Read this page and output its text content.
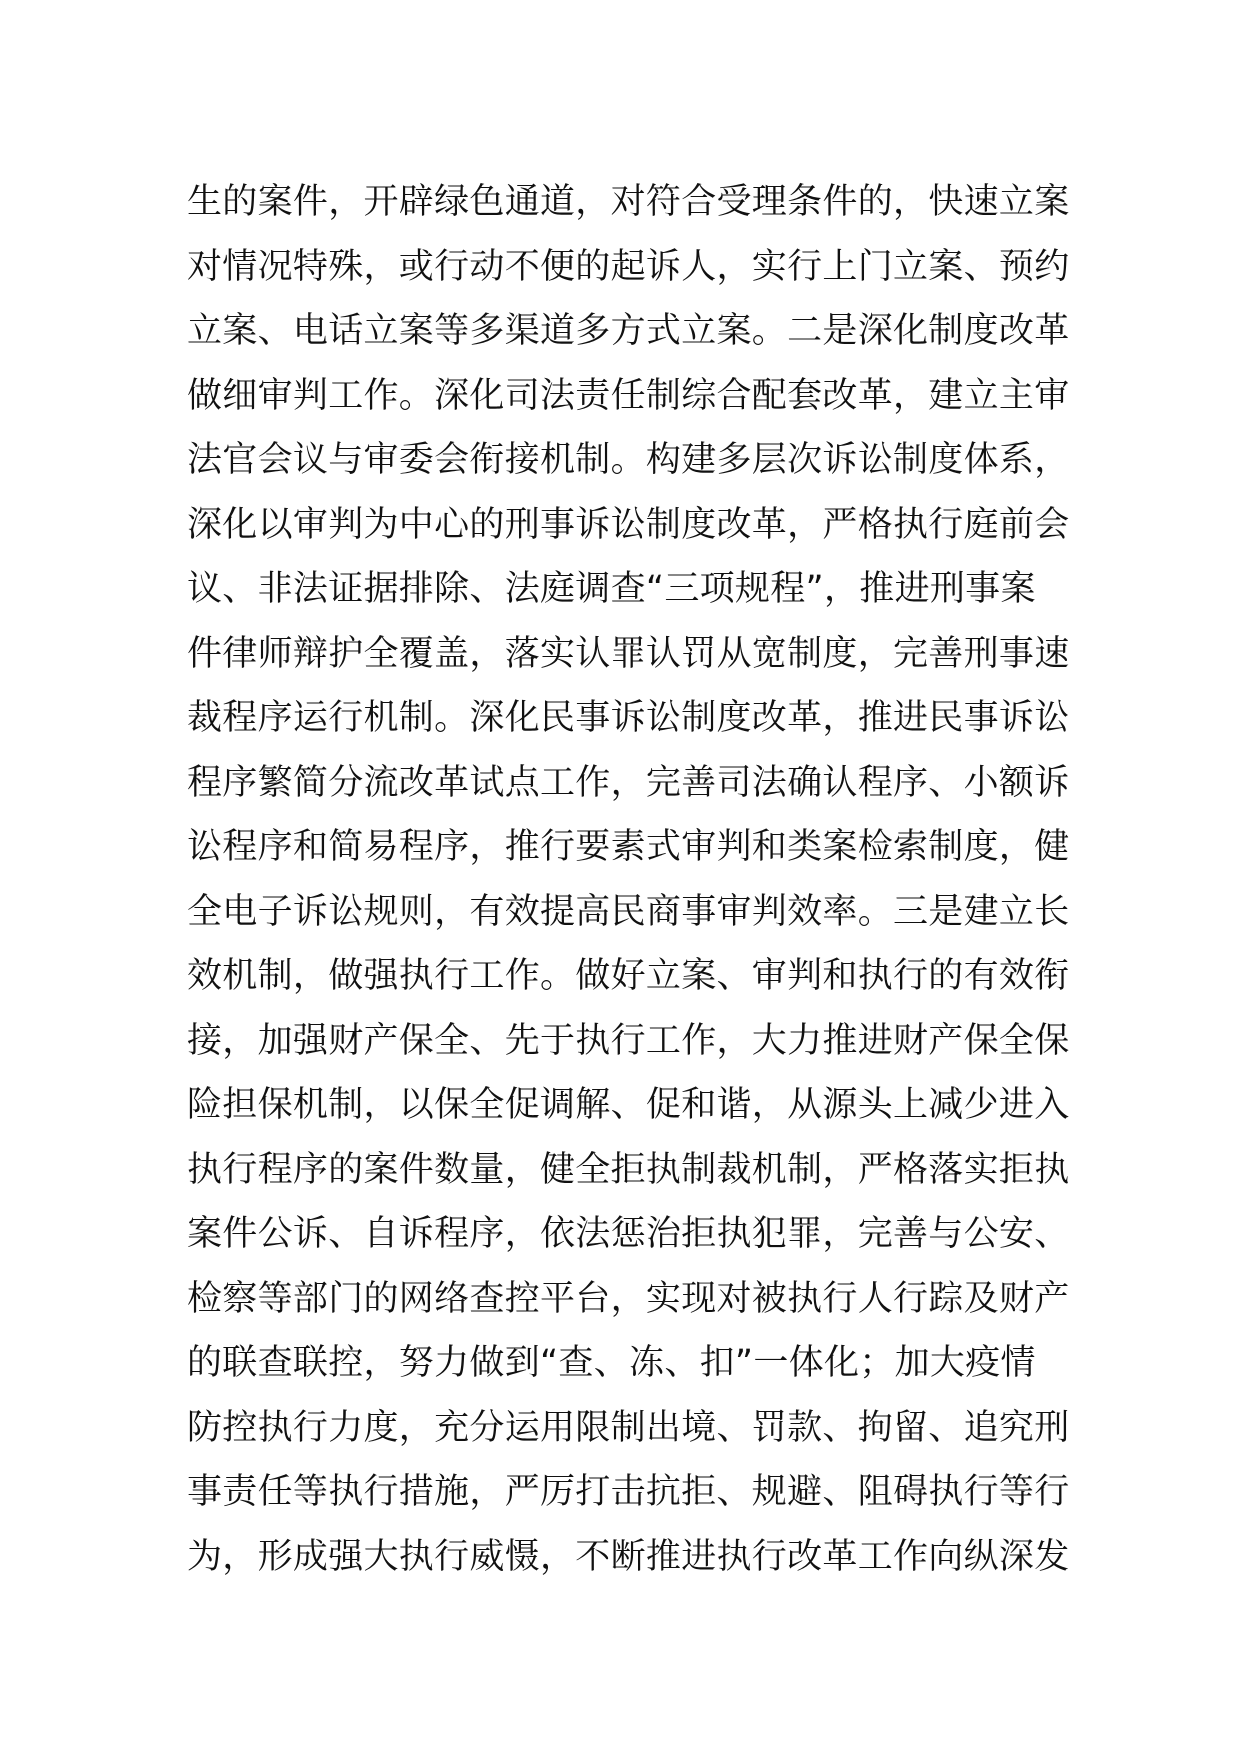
生的案件，开辟绿色通道，对符合受理条件的，快速立案
对情况特殊，或行动不便的起诉人，实行上门立案、预约
立案、电话立案等多渠道多方式立案。二是深化制度改革
做细审判工作。深化司法责任制综合配套改革，建立主审
法官会议与审委会衔接机制。构建多层次诉讼制度体系，
深化以审判为中心的刑事诉讼制度改革，严格执行庭前会
议、非法证据排除、法庭调查“三项规程”，推进刑事案
件律师辩护全覆盖，落实认罪认罚从宽制度，完善刑事速
裁程序运行机制。深化民事诉讼制度改革，推进民事诉讼
程序繁简分流改革试点工作，完善司法确认程序、小额诉
讼程序和简易程序，推行要素式审判和类案检索制度，健
全电子诉讼规则，有效提高民商事审判效率。三是建立长
效机制，做强执行工作。做好立案、审判和执行的有效衔
接，加强财产保全、先于执行工作，大力推进财产保全保
险担保机制，以保全促调解、促和谐，从源头上减少进入
执行程序的案件数量，健全拒执制裁机制，严格落实拒执
案件公诉、自诉程序，依法惩治拒执犯罪，完善与公安、
检察等部门的网络查控平台，实现对被执行人行踪及财产
的联查联控，努力做到“查、冻、扣”一体化；加大疫情
防控执行力度，充分运用限制出境、罚款、拘留、追究刑
事责任等执行措施，严厉打击抗拒、规避、阻碍执行等行
为，形成强大执行威慑，不断推进执行改革工作向纵深发
